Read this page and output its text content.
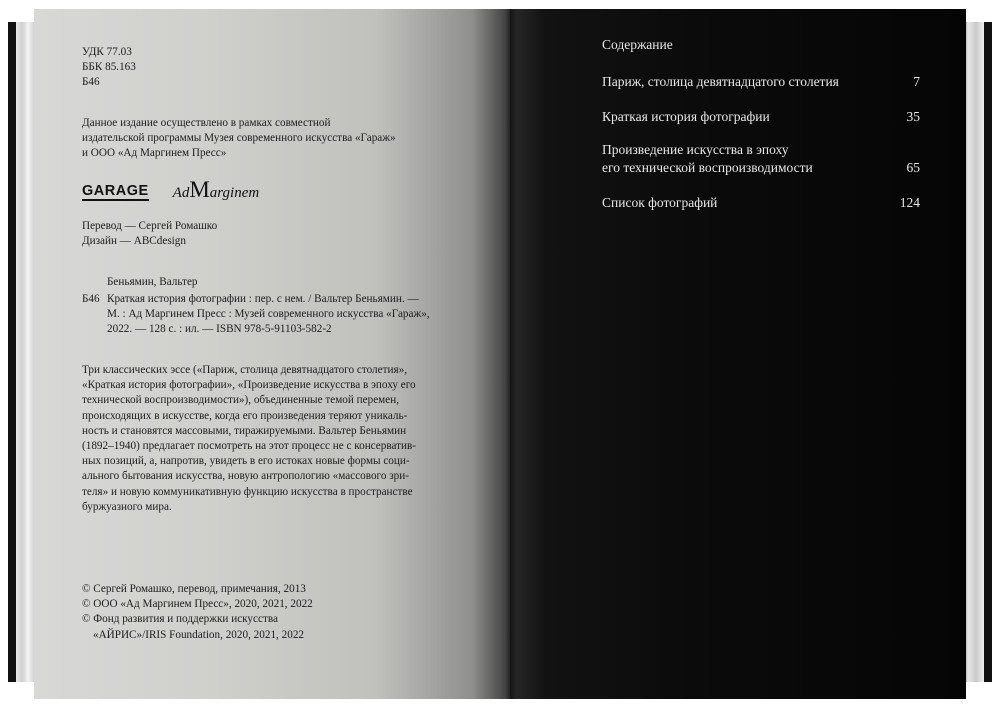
УДК 77.03
ББК 85.163
Б46
Данное издание осуществлено в рамках совместной
издательской программы Музея современного искусства «Гараж»
и ООО «Ад Маргинем Пресс»
GARAGE AdMarginem
Перевод — Сергей Ромашко
Дизайн — ABCdesign
Беньямин, Вальтер
Б46 Краткая история фотографии : пер. с нем. / Вальтер Беньямин. —
М. : Ад Маргинем Пресс : Музей современного искусства «Гараж»,
2022. — 128 с. : ил. — ISBN 978-5-91103-582-2
Три классических эссе («Париж, столица девятнадцатого столетия»,
«Краткая история фотографии», «Произведение искусства в эпоху его
технической воспроизводимости»), объединенные темой перемен,
происходящих в искусстве, когда его произведения теряют уникаль-
ность и становятся массовыми, тиражируемыми. Вальтер Беньямин
(1892–1940) предлагает посмотреть на этот процесс не с консерватив-
ных позиций, а, напротив, увидеть в его истоках новые формы соци-
ального бытования искусства, новую антропологию «массового зри-
теля» и новую коммуникативную функцию искусства в пространстве
буржуазного мира.
© Сергей Ромашко, перевод, примечания, 2013
© ООО «Ад Маргинем Пресс», 2020, 2021, 2022
© Фонд развития и поддержки искусства
«АЙРИС»/IRIS Foundation, 2020, 2021, 2022
Содержание
Париж, столица девятнадцатого столетия	7
Краткая история фотографии	35
Произведение искусства в эпоху
его технической воспроизводимости	65
Список фотографий	124
